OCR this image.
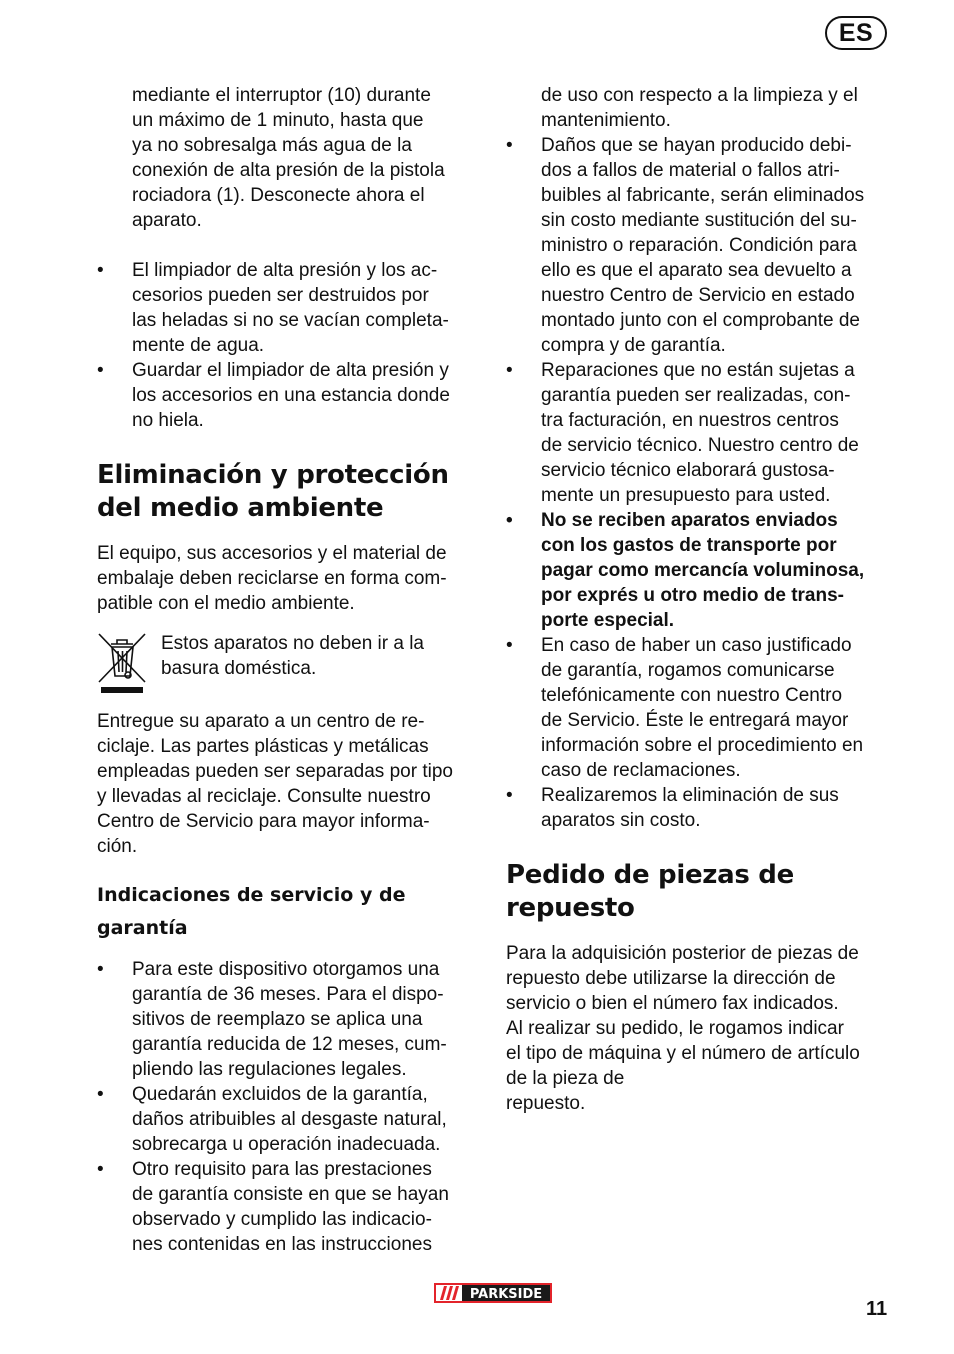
ES
mediante el interruptor (10) durante
un máximo de 1 minuto, hasta que
ya no sobresalga más agua de la
conexión de alta presión de la pistola
rociadora (1). Desconecte ahora el
aparato.
• El limpiador de alta presión y los ac-
cesorios pueden ser destruidos por
las heladas si no se vacían completa-
mente de agua.
• Guardar el limpiador de alta presión y
los accesorios en una estancia donde
no hiela.
Eliminación y protección
del medio ambiente

El equipo, sus accesorios y el material de
embalaje deben reciclarse en forma com-
patible con el medio ambiente.

Estos aparatos no deben ir a la
basura doméstica.

Entregue su aparato a un centro de re-
ciclaje. Las partes plásticas y metálicas
empleadas pueden ser separadas por tipo
y llevadas al reciclaje. Consulte nuestro
Centro de Servicio para mayor informa-
ción.

Indicaciones de servicio y de
garantía
• Para este dispositivo otorgamos una
garantía de 36 meses. Para el dispo-
sitivos de reemplazo se aplica una
garantía reducida de 12 meses, cum-
pliendo las regulaciones legales.
• Quedarán excluidos de la garantía,
daños atribuibles al desgaste natural,
sobrecarga u operación inadecuada.
• Otro requisito para las prestaciones
de garantía consiste en que se hayan
observado y cumplido las indicacio-
nes contenidas en las instrucciones
de uso con respecto a la limpieza y el
mantenimiento.
• Daños que se hayan producido debi-
dos a fallos de material o fallos atri-
buibles al fabricante, serán eliminados
sin costo mediante sustitución del su-
ministro o reparación. Condición para
ello es que el aparato sea devuelto a
nuestro Centro de Servicio en estado
montado junto con el comprobante de
compra y de garantía.
• Reparaciones que no están sujetas a
garantía pueden ser realizadas, con-
tra facturación, en nuestros centros
de servicio técnico. Nuestro centro de
servicio técnico elaborará gustosa-
mente un presupuesto para usted.
• No se reciben aparatos enviados
con los gastos de transporte por
pagar como mercancía voluminosa,
por exprés u otro medio de trans-
porte especial.
• En caso de haber un caso justificado
de garantía, rogamos comunicarse
telefónicamente con nuestro Centro
de Servicio. Éste le entregará mayor
información sobre el procedimiento en
caso de reclamaciones.
• Realizaremos la eliminación de sus
aparatos sin costo.
Pedido de piezas de
repuesto

Para la adquisición posterior de piezas de
repuesto debe utilizarse la dirección de
servicio o bien el número fax indicados.
Al realizar su pedido, le rogamos indicar
el tipo de máquina y el número de artículo
de la pieza de
repuesto.

PARKSIDE
11
